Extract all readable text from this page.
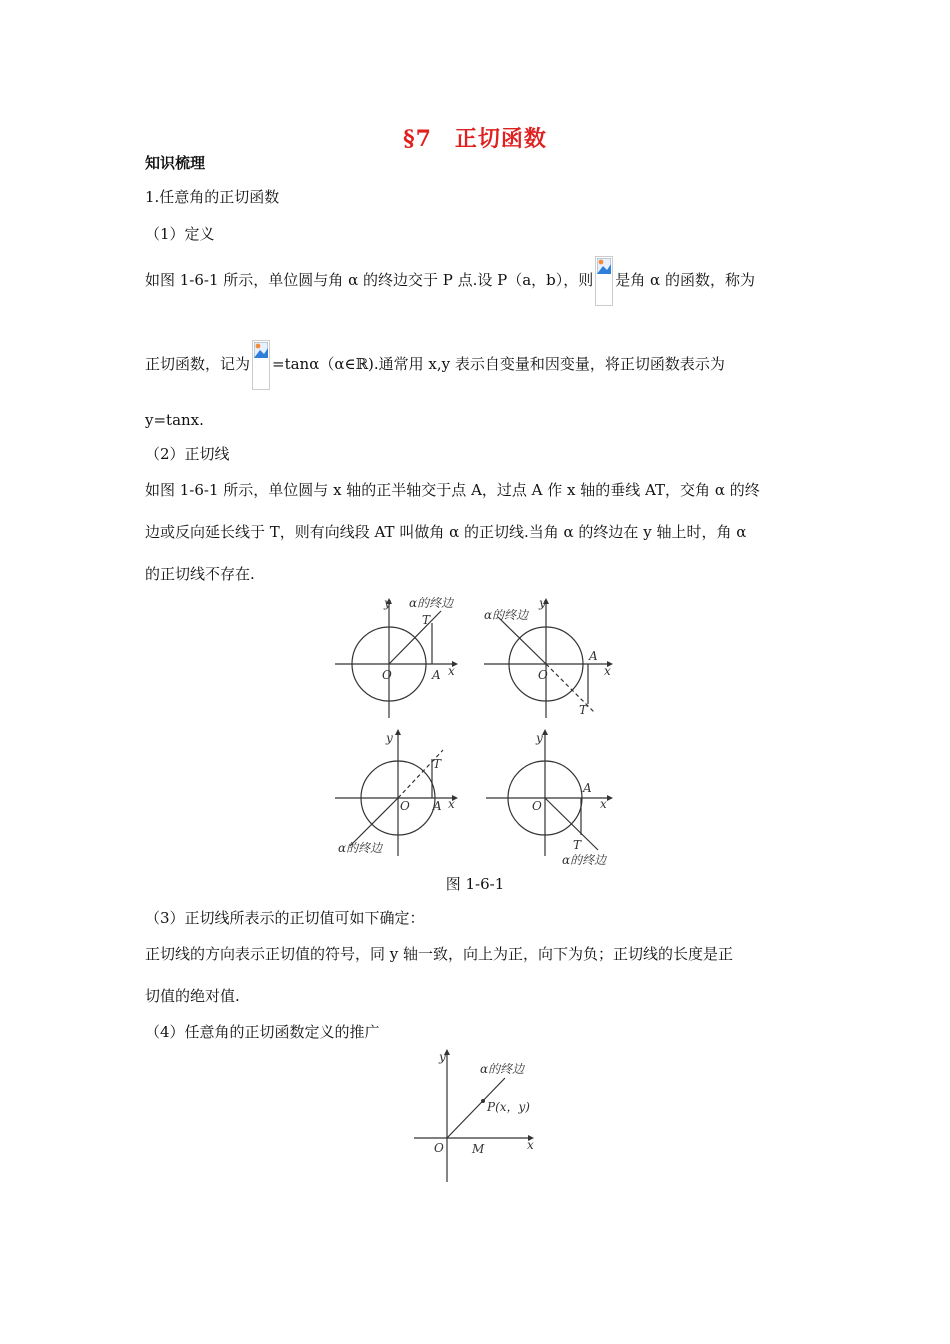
§7　正切函数
知识梳理
1.任意角的正切函数
（1）定义
如图 1-6-1 所示，单位圆与角 α 的终边交于 P 点.设 P（a，b），则 是角 α 的函数，称为
正切函数，记为 =tanα（α∈ℝ).通常用 x,y 表示自变量和因变量，将正切函数表示为
y=tanx.
（2）正切线
如图 1-6-1 所示，单位圆与 x 轴的正半轴交于点 A，过点 A 作 x 轴的垂线 AT，交角 α 的终
边或反向延长线于 T，则有向线段 AT 叫做角 α 的正切线.当角 α 的终边在 y 轴上时，角 α
的正切线不存在.
α的终边
T
y
x
O	A
α的终边
y
x
O
A
T
y
x
O A
T
α的终边
y
x
O
A
T
α的终边
图 1-6-1
（3）正切线所表示的正切值可如下确定：
正切线的方向表示正切值的符号，同 y 轴一致，向上为正，向下为负；正切线的长度是正
切值的绝对值.
（4）任意角的正切函数定义的推广
y
α的终边
P(x，y)
O M	x
